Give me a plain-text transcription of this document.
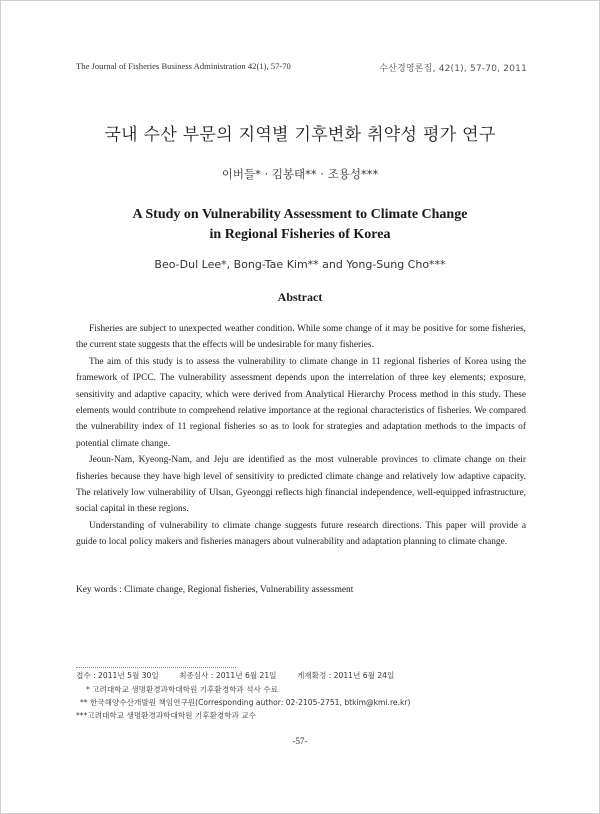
The Journal of Fisheries Business Administration 42(1), 57-70	수산경영론집, 42(1), 57-70, 2011
국내 수산 부문의 지역별 기후변화 취약성 평가 연구
이버들* · 김봉태** · 조용성***
A Study on Vulnerability Assessment to Climate Change
in Regional Fisheries of Korea
Beo-Dul Lee*, Bong-Tae Kim** and Yong-Sung Cho***
Abstract

Fisheries are subject to unexpected weather condition. While some change of it may be positive for some fisheries, the current state suggests that the effects will be undesirable for many fisheries.

The aim of this study is to assess the vulnerability to climate change in 11 regional fisheries of Korea using the framework of IPCC. The vulnerability assessment depends upon the interrelation of three key elements; exposure, sensitivity and adaptive capacity, which were derived from Analytical Hierarchy Process method in this study. These elements would contribute to comprehend relative importance at the regional characteristics of fisheries. We compared the vulnerability index of 11 regional fisheries so as to look for strategies and adaptation methods to the impacts of potential climate change.

Jeoun-Nam, Kyeong-Nam, and Jeju are identified as the most vulnerable provinces to climate change on their fisheries because they have high level of sensitivity to predicted climate change and relatively low adaptive capacity. The relatively low vulnerability of Ulsan, Gyeonggi reflects high financial independence, well-equipped infrastructure, social capital in these regions.

Understanding of vulnerability to climate change suggests future research directions. This paper will provide a guide to local policy makers and fisheries managers about vulnerability and adaptation planning to climate change.

Key words : Climate change, Regional fisheries, Vulnerability assessment
접수 : 2011년 5월 30일	최종심사 : 2011년 6월 21일	게재확정 : 2011년 6월 24일
* 고려대학교 생명환경과학대학원 기후환경학과 석사 수료
** 한국해양수산개발원 책임연구원(Corresponding author: 02-2105-2751, btkim@kmi.re.kr)
***고려대학교 생명환경과학대학원 기후환경학과 교수
-57-
